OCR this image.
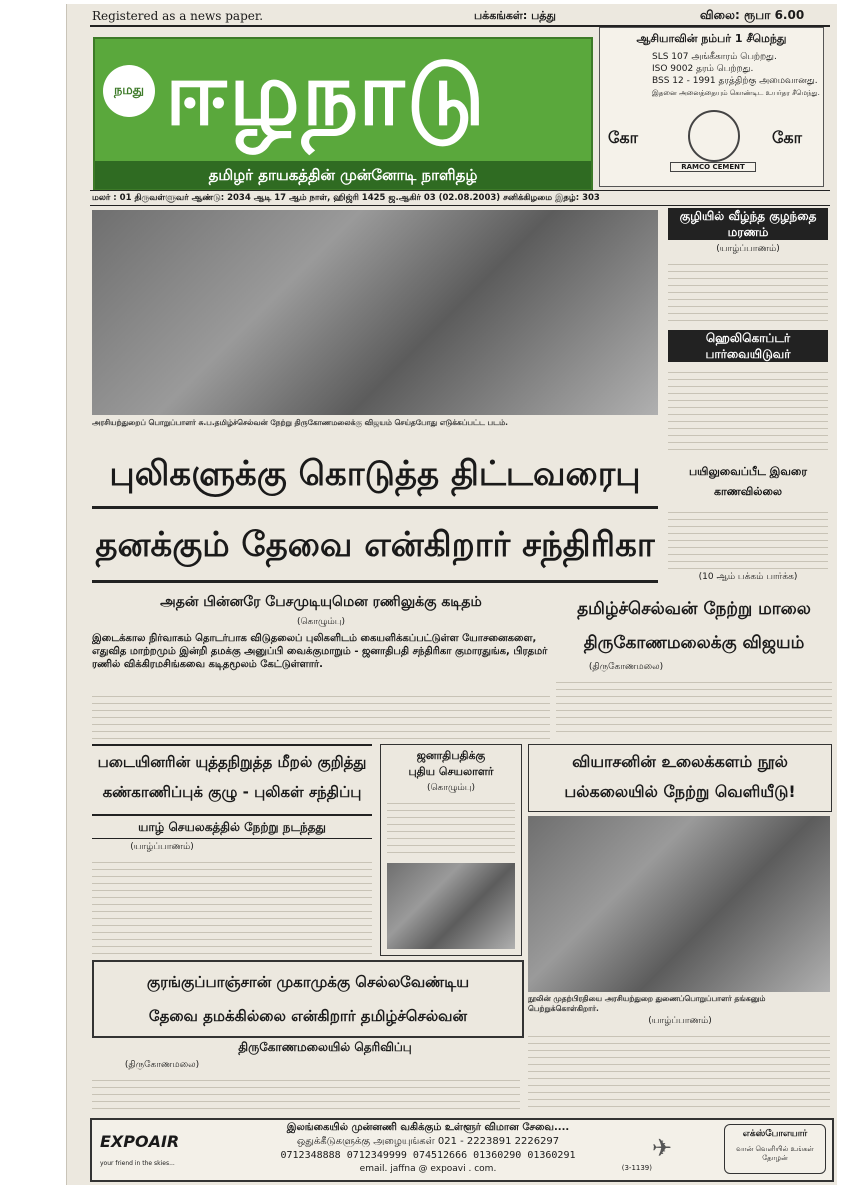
Registered as a news paper.	பக்கங்கள்: பத்து	விலை: ரூபா 6.00
நமது ஈழநாடு
தமிழர் தாயகத்தின் முன்னோடி நாளிதழ்
ஆசியாவின் நம்பர் 1 சீமெந்து
SLS 107 அங்கீகாரம் பெற்றது.
ISO 9002 தரம் பெற்றது.
BSS 12 - 1991 தரத்திற்கு அமைவானது.
இதனை அனைத்தையும் கொண்டிட உயர்தர சீமெந்து.
கோ	கோ
RAMCO CEMENT
மலர் : 01 திருவள்ளுவர் ஆண்டு: 2034 ஆடி 17 ஆம் நாள், ஹிஜ்ரி 1425 ஜ.ஆகிர் 03 (02.08.2003) சனிக்கிழமை இதழ்: 303
அரசியற்துறைப் பொறுப்பாளர் சு.ப.தமிழ்ச்செல்வன் நேற்று திருகோணமலைக்கு விஜயம் செய்தபோது எடுக்கப்பட்ட படம்.
புலிகளுக்கு கொடுத்த திட்டவரைபு
தனக்கும் தேவை என்கிறார் சந்திரிகா
குழியில் வீழ்ந்த குழந்தை மரணம்
(யாழ்ப்பாணம்)
ஹெலிகொப்டர் பார்வையிடுவர்
பயிலுவைப்பீட இவரை காணவில்லை
(10 ஆம் பக்கம் பார்க்க)
அதன் பின்னரே பேசமுடியுமென ரணிலுக்கு கடிதம்
(கொழும்பு)
இடைக்கால நிர்வாகம் தொடர்பாக விடுதலைப் புலிகளிடம் கையளிக்கப்பட்டுள்ள யோசனைகளை, எதுவித மாற்றமும் இன்றி தமக்கு அனுப்பி வைக்குமாறும் - ஜனாதிபதி சந்திரிகா குமாரதுங்க, பிரதமர் ரணில் விக்கிரமசிங்கவை கடிதமூலம் கேட்டுள்ளார்.
தமிழ்ச்செல்வன் நேற்று மாலை
திருகோணமலைக்கு விஜயம்
(திருகோணமலை)
படையினரின் யுத்தநிறுத்த மீறல் குறித்து
கண்காணிப்புக் குழு - புலிகள் சந்திப்பு
யாழ் செயலகத்தில் நேற்று நடந்தது
(யாழ்ப்பாணம்)
ஜனாதிபதிக்கு
புதிய செயலாளர்
(கொழும்பு)
வியாசனின் உலைக்களம் நூல்
பல்கலையில் நேற்று வெளியீடு!
நூலின் முதற்பிரதியை அரசியற்துறை துணைப்பொறுப்பாளர் தங்கனும் பெற்றுக்கொள்கிறார்.
(யாழ்ப்பாணம்)
குரங்குப்பாஞ்சான் முகாமுக்கு செல்லவேண்டிய
தேவை தமக்கில்லை என்கிறார் தமிழ்ச்செல்வன்
திருகோணமலையில் தெரிவிப்பு
(திருகோணமலை)
EXPOAIR
your friend in the skies...
இலங்கையில் முன்னணி வகிக்கும் உள்ளூர் விமான சேவை....
ஒதுக்கீடுகளுக்கு அழையுங்கள் 021 - 2223891 2226297
0712348888 0712349999 074512666 01360290 01360291
email. jaffna @ expoavi . com.	(3-1139)
✈	எக்ஸ்போஎயார்
வான் வெளியில் உங்கள் தோழன்
